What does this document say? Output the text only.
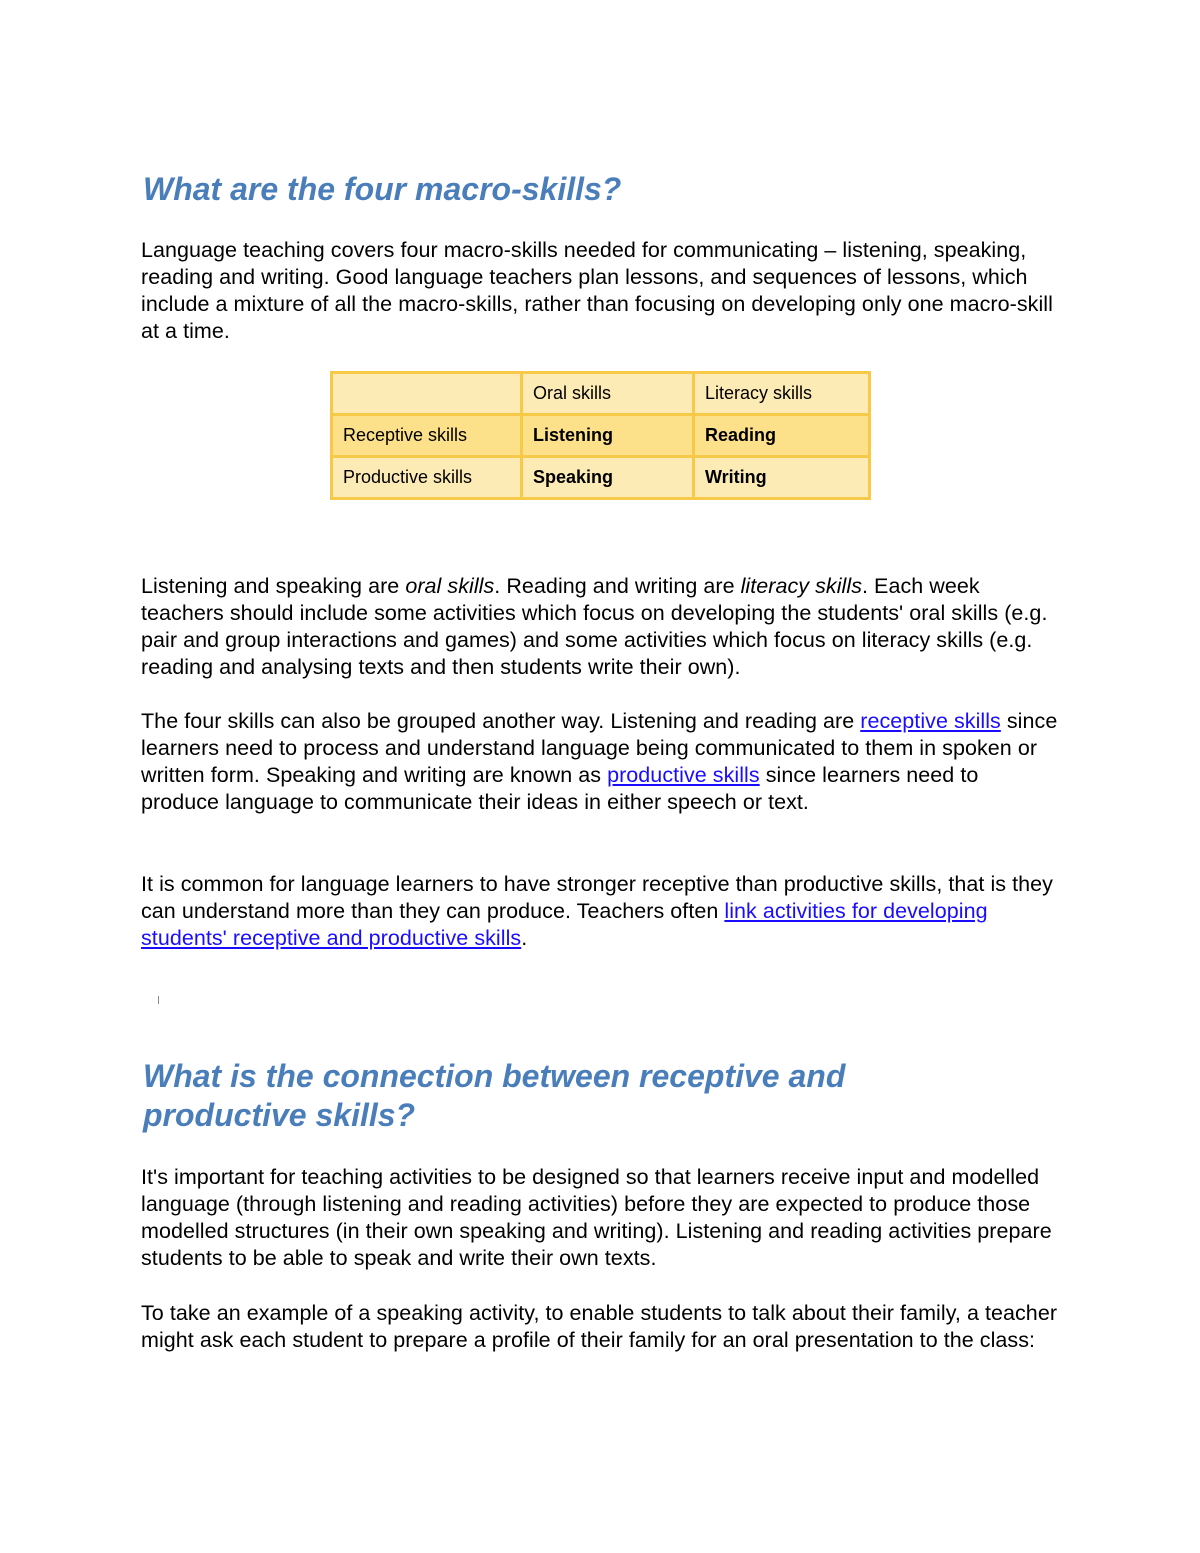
What are the four macro-skills?

Language teaching covers four macro-skills needed for communicating – listening, speaking, reading and writing. Good language teachers plan lessons, and sequences of lessons, which include a mixture of all the macro-skills, rather than focusing on developing only one macro-skill at a time.

Listening and speaking are oral skills. Reading and writing are literacy skills. Each week teachers should include some activities which focus on developing the students' oral skills (e.g. pair and group interactions and games) and some activities which focus on literacy skills (e.g. reading and analysing texts and then students write their own).

The four skills can also be grouped another way. Listening and reading are receptive skills since learners need to process and understand language being communicated to them in spoken or written form. Speaking and writing are known as productive skills since learners need to produce language to communicate their ideas in either speech or text.

It is common for language learners to have stronger receptive than productive skills, that is they can understand more than they can produce. Teachers often link activities for developing students' receptive and productive skills.

What is the connection between receptive and productive skills?

It's important for teaching activities to be designed so that learners receive input and modelled language (through listening and reading activities) before they are expected to produce those modelled structures (in their own speaking and writing). Listening and reading activities prepare students to be able to speak and write their own texts.

To take an example of a speaking activity, to enable students to talk about their family, a teacher might ask each student to prepare a profile of their family for an oral presentation to the class:

	Oral skills	Literacy skills
Receptive skills	Listening	Reading
Productive skills	Speaking	Writing
